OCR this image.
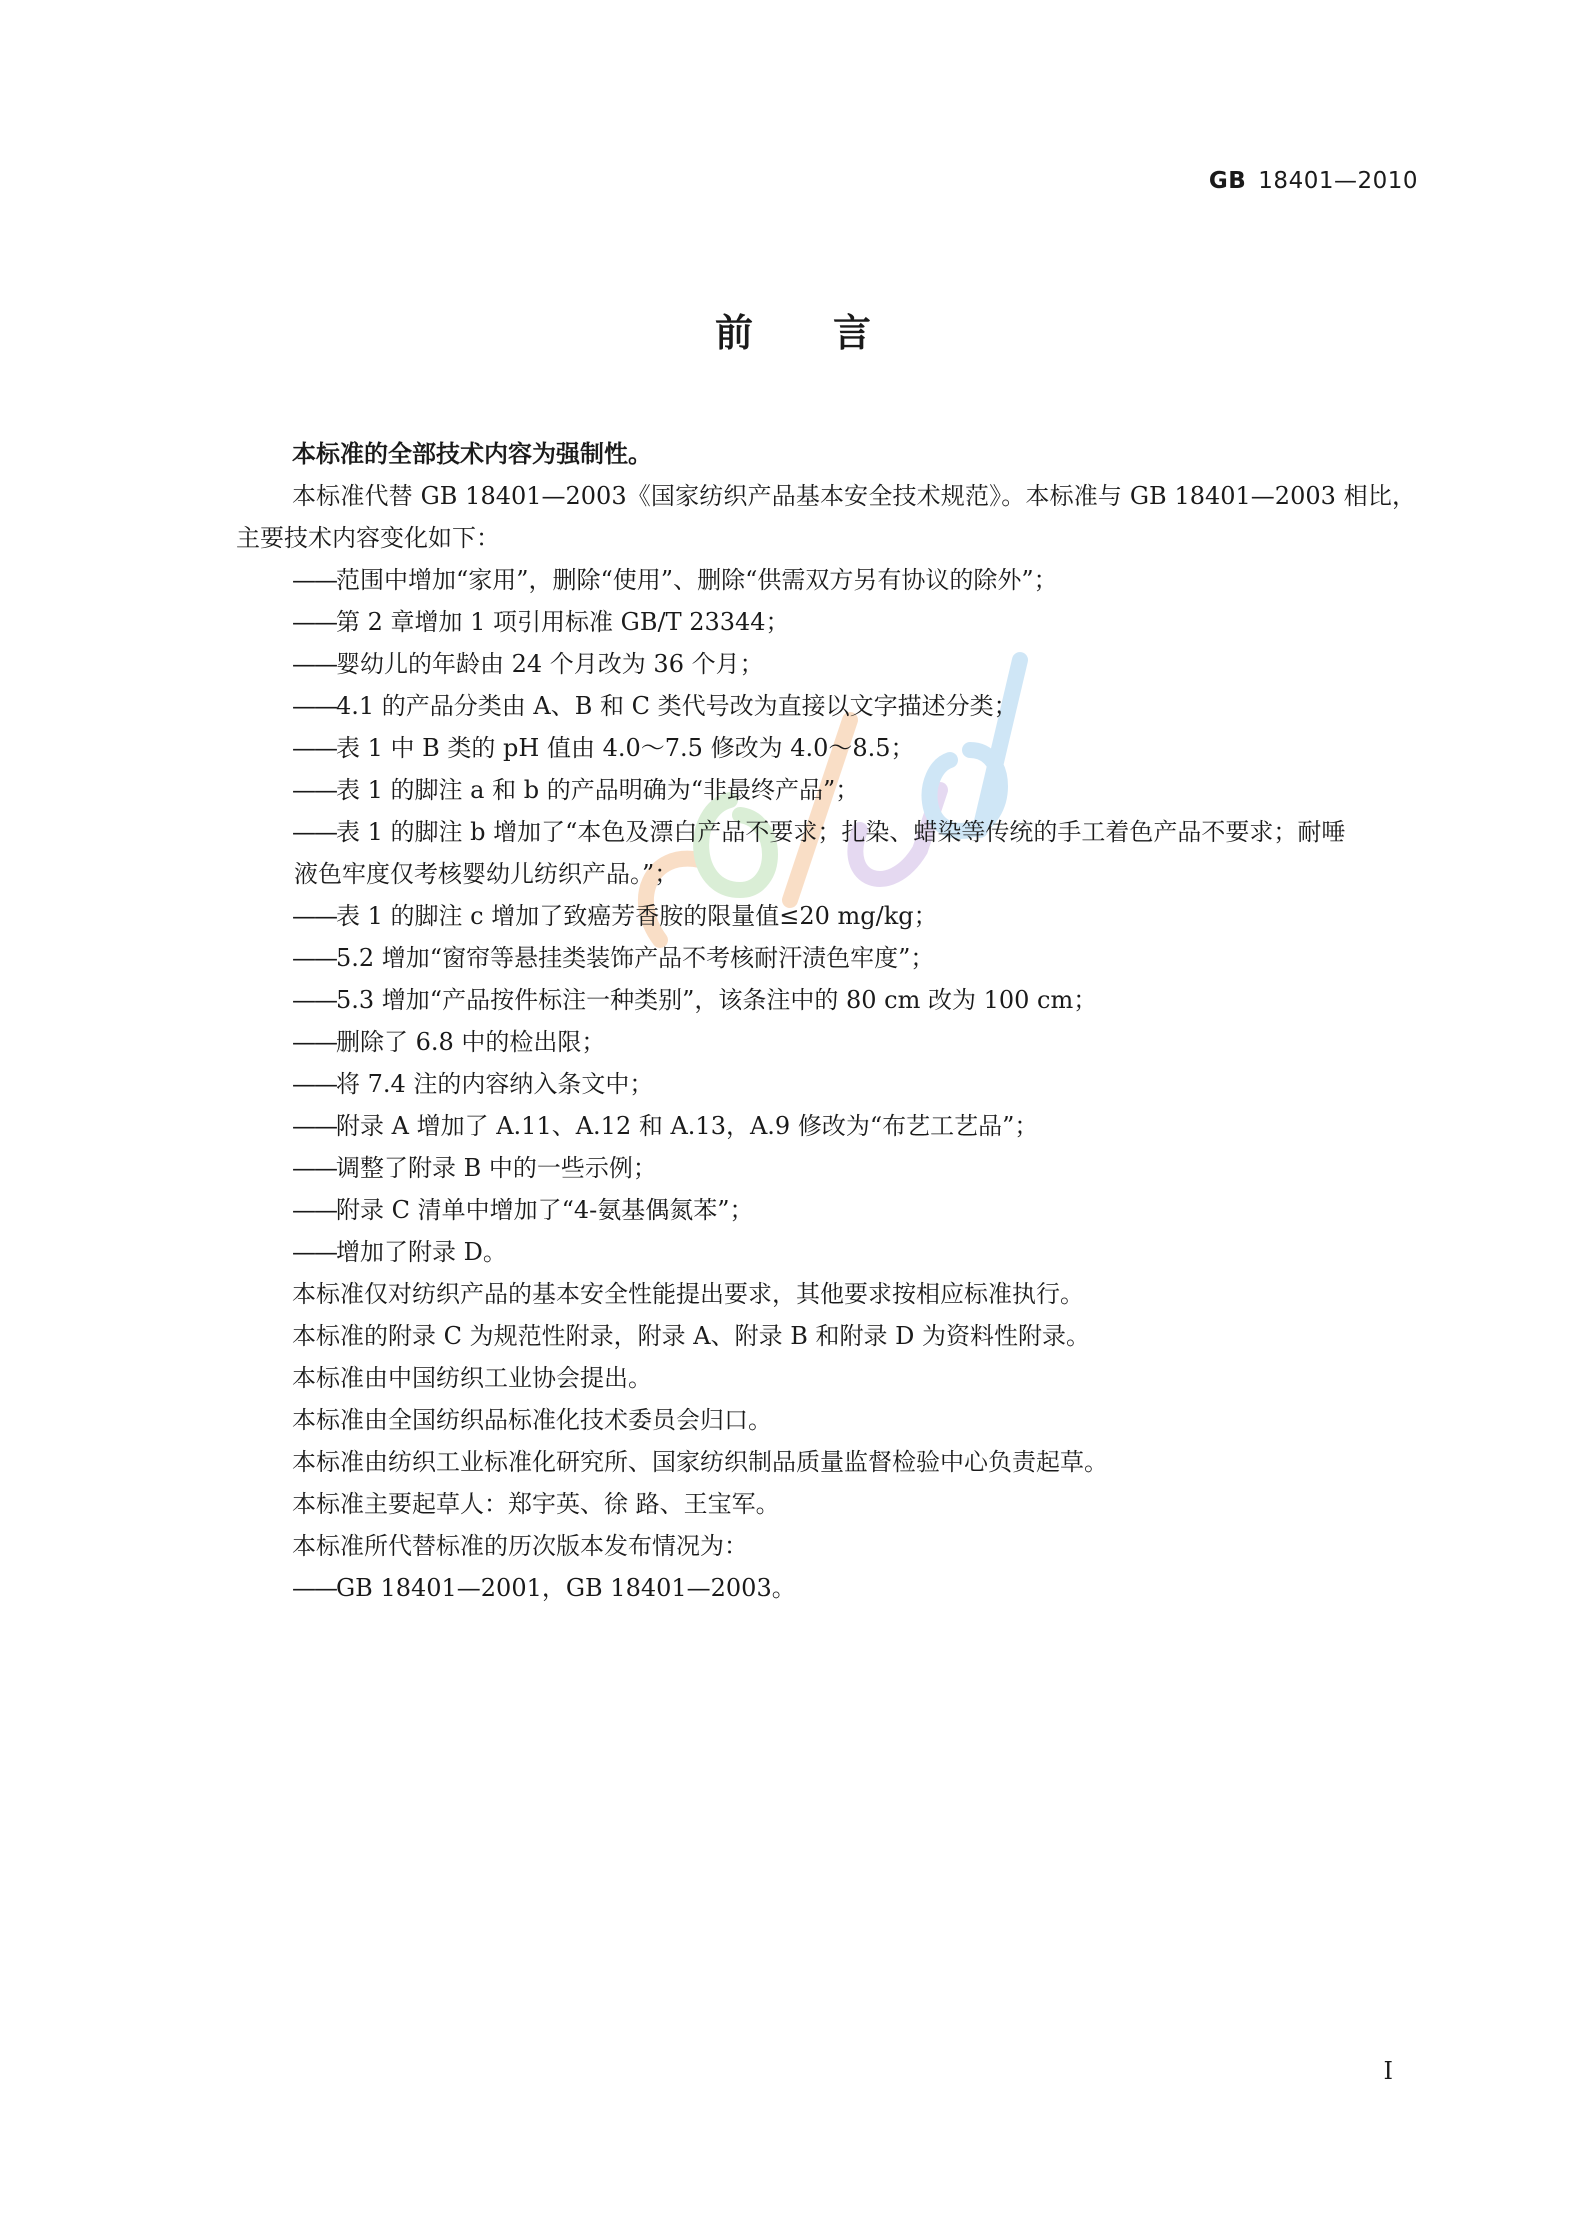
GB 18401—2010
前言

本标准的全部技术内容为强制性。

本标准代替 GB 18401—2003《国家纺织产品基本安全技术规范》。本标准与 GB 18401—2003 相比，主要技术内容变化如下：

—— 范围中增加“家用”，删除“使用”、删除“供需双方另有协议的除外”；

—— 第 2 章增加 1 项引用标准 GB/T 23344；

—— 婴幼儿的年龄由 24 个月改为 36 个月；

—— 4.1 的产品分类由 A、B 和 C 类代号改为直接以文字描述分类；

—— 表 1 中 B 类的 pH 值由 4.0～7.5 修改为 4.0～8.5；

—— 表 1 的脚注 a 和 b 的产品明确为“非最终产品”；

—— 表 1 的脚注 b 增加了“本色及漂白产品不要求；扎染、蜡染等传统的手工着色产品不要求；耐唾

液色牢度仅考核婴幼儿纺织产品。”；

—— 表 1 的脚注 c 增加了致癌芳香胺的限量值≤20 mg/kg；

—— 5.2 增加“窗帘等悬挂类装饰产品不考核耐汗渍色牢度”；

—— 5.3 增加“产品按件标注一种类别”，该条注中的 80 cm 改为 100 cm；

—— 删除了 6.8 中的检出限；

—— 将 7.4 注的内容纳入条文中；

—— 附录 A 增加了 A.11、A.12 和 A.13，A.9 修改为“布艺工艺品”；

—— 调整了附录 B 中的一些示例；

—— 附录 C 清单中增加了“4-氨基偶氮苯”；

—— 增加了附录 D。

本标准仅对纺织产品的基本安全性能提出要求，其他要求按相应标准执行。

本标准的附录 C 为规范性附录，附录 A、附录 B 和附录 D 为资料性附录。

本标准由中国纺织工业协会提出。

本标准由全国纺织品标准化技术委员会归口。

本标准由纺织工业标准化研究所、国家纺织制品质量监督检验中心负责起草。

本标准主要起草人：郑宇英、徐 路、王宝军。

本标准所代替标准的历次版本发布情况为：

—— GB 18401—2001，GB 18401—2003。

I
